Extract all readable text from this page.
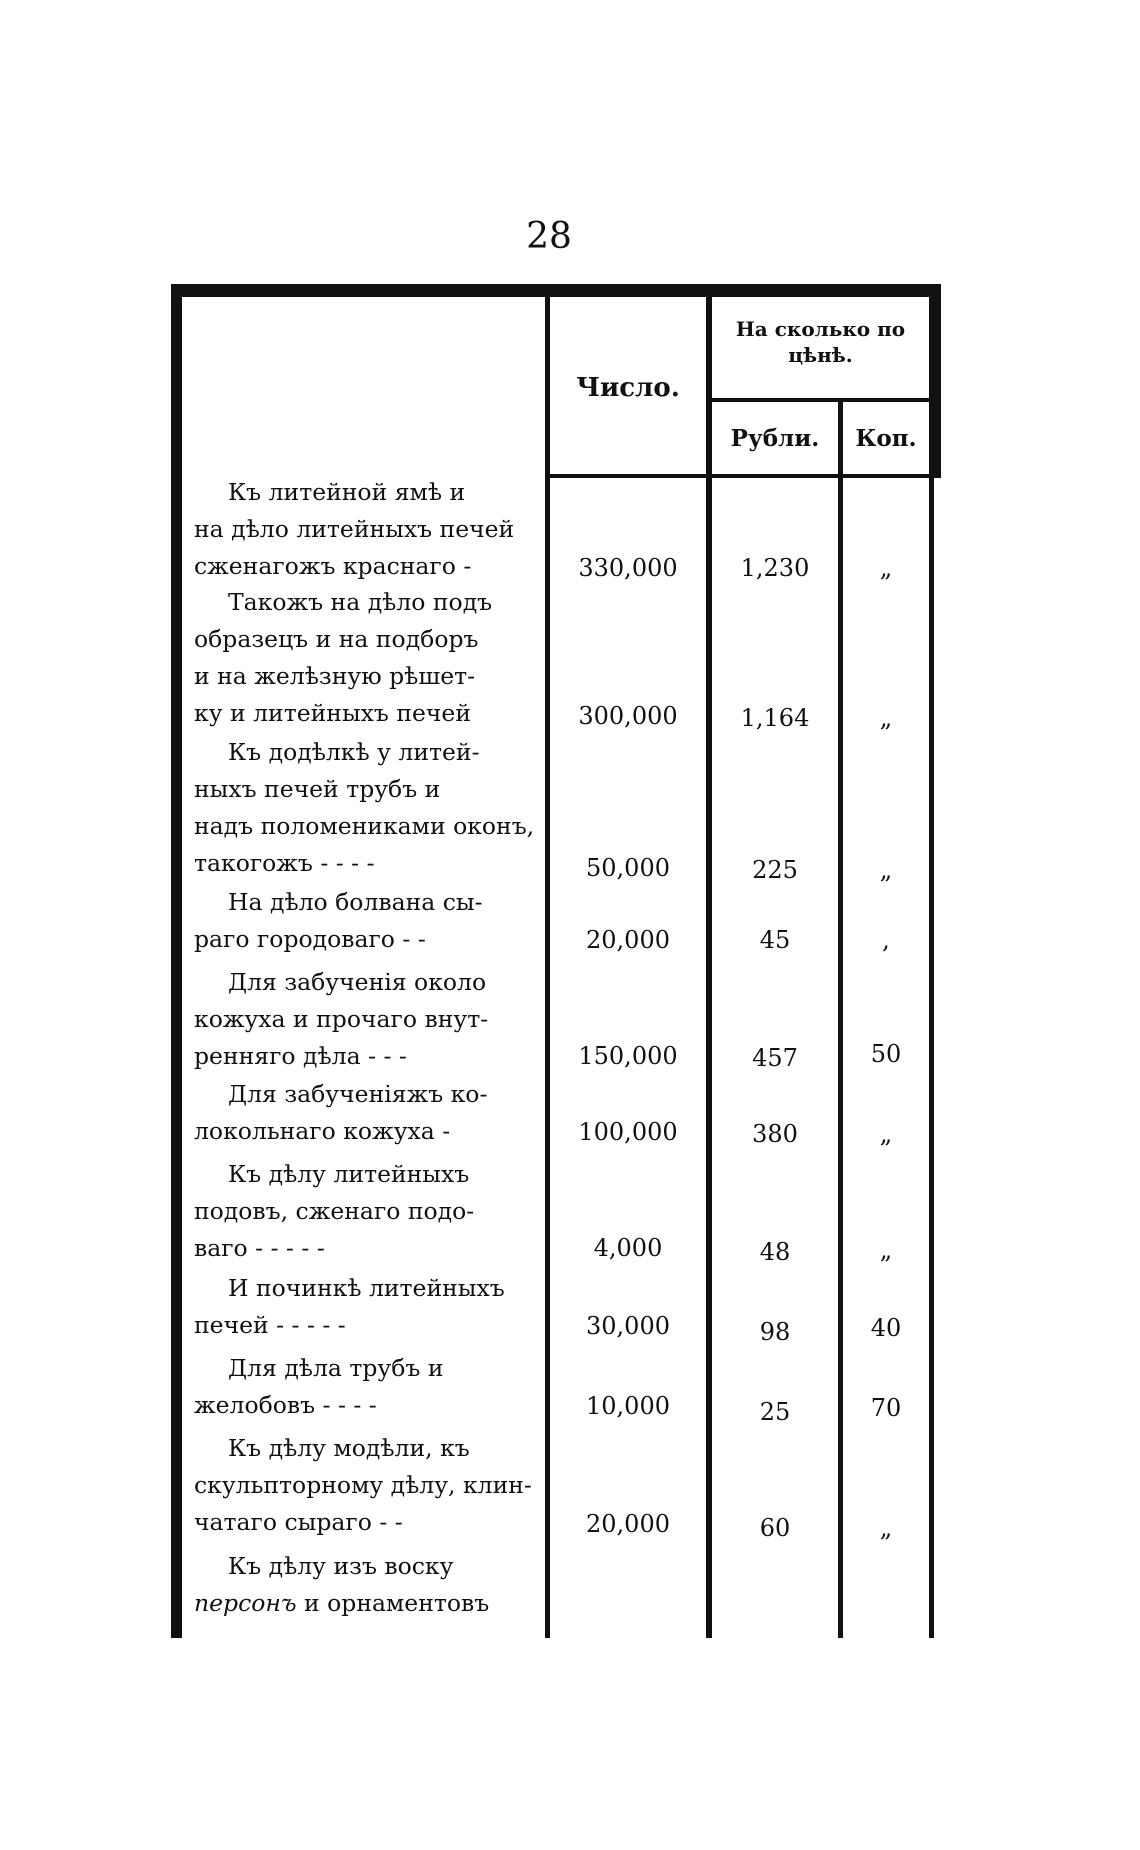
28
Число.
На сколько по цѣнѣ.
Рубли.	Коп.
Къ литейной ямѣ и
на дѣло литейныхъ печей
сженагожъ краснаго -	330,000	1,230	„
Такожъ на дѣло подъ
образецъ и на подборъ
и на желѣзную рѣшет-
ку и литейныхъ печей	300,000	1,164	„
Къ додѣлкѣ у литей-
ныхъ печей трубъ и
надъ поломениками оконъ,
такогожъ - - - -	50,000	225	„
На дѣло болвана сы-
раго городоваго - -	20,000	45	,
Для забученія около
кожуха и прочаго внут-
ренняго дѣла - - -	150,000	457	50
Для забученіяжъ ко-
локольнаго кожуха -	100,000	380	„
Къ дѣлу литейныхъ
подовъ, сженаго подо-
ваго - - - - -	4,000	48	„
И починкѣ литейныхъ
печей - - - - -	30,000	98	40
Для дѣла трубъ и
желобовъ - - - -	10,000	25	70
Къ дѣлу модѣли, къ
скульпторному дѣлу, клин-
чатаго сыраго - -	20,000	60	„
Къ дѣлу изъ воску
персонъ и орнаментовъ
